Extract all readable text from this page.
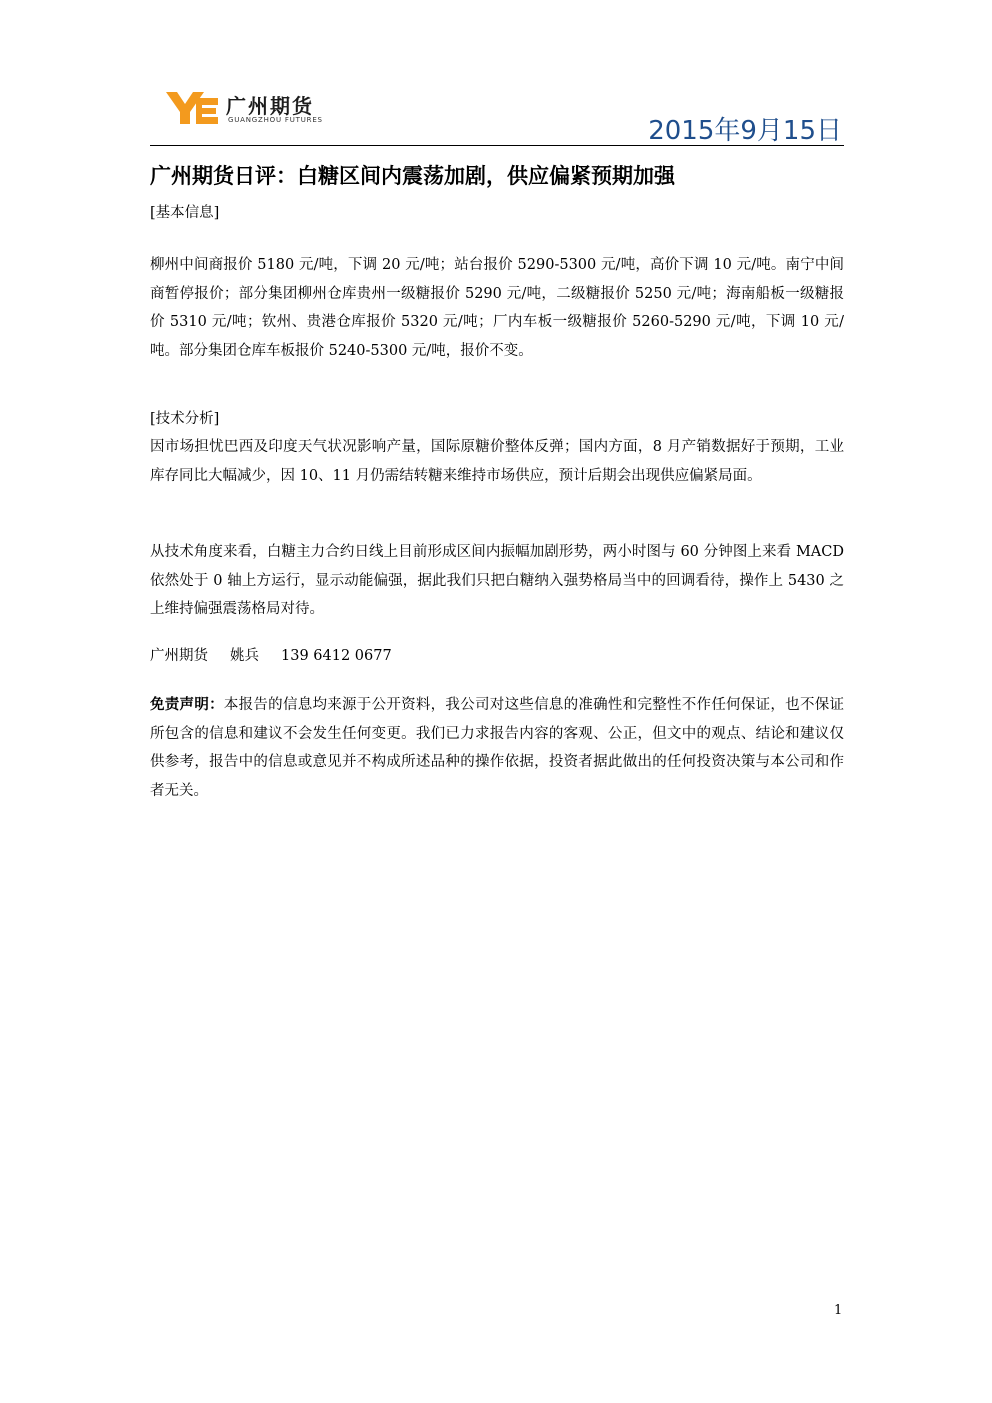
广州期货
GUANGZHOU FUTURES	2015年9月15日
广州期货日评：白糖区间内震荡加剧，供应偏紧预期加强

[基本信息]

柳州中间商报价 5180 元/吨，下调 20 元/吨；站台报价 5290-5300 元/吨，高价下调 10 元/吨。南宁中间商暂停报价；部分集团柳州仓库贵州一级糖报价 5290 元/吨，二级糖报价 5250 元/吨；海南船板一级糖报价 5310 元/吨；钦州、贵港仓库报价 5320 元/吨；厂内车板一级糖报价 5260-5290 元/吨，下调 10 元/吨。部分集团仓库车板报价 5240-5300 元/吨，报价不变。

[技术分析]

因市场担忧巴西及印度天气状况影响产量，国际原糖价整体反弹；国内方面，8 月产销数据好于预期，工业库存同比大幅减少，因 10、11 月仍需结转糖来维持市场供应，预计后期会出现供应偏紧局面。

从技术角度来看，白糖主力合约日线上目前形成区间内振幅加剧形势，两小时图与 60 分钟图上来看 MACD 依然处于 0 轴上方运行，显示动能偏强，据此我们只把白糖纳入强势格局当中的回调看待，操作上 5430 之上维持偏强震荡格局对待。

广州期货 姚兵 139 6412 0677

免责声明：本报告的信息均来源于公开资料，我公司对这些信息的准确性和完整性不作任何保证，也不保证所包含的信息和建议不会发生任何变更。我们已力求报告内容的客观、公正，但文中的观点、结论和建议仅供参考，报告中的信息或意见并不构成所述品种的操作依据，投资者据此做出的任何投资决策与本公司和作者无关。

1
